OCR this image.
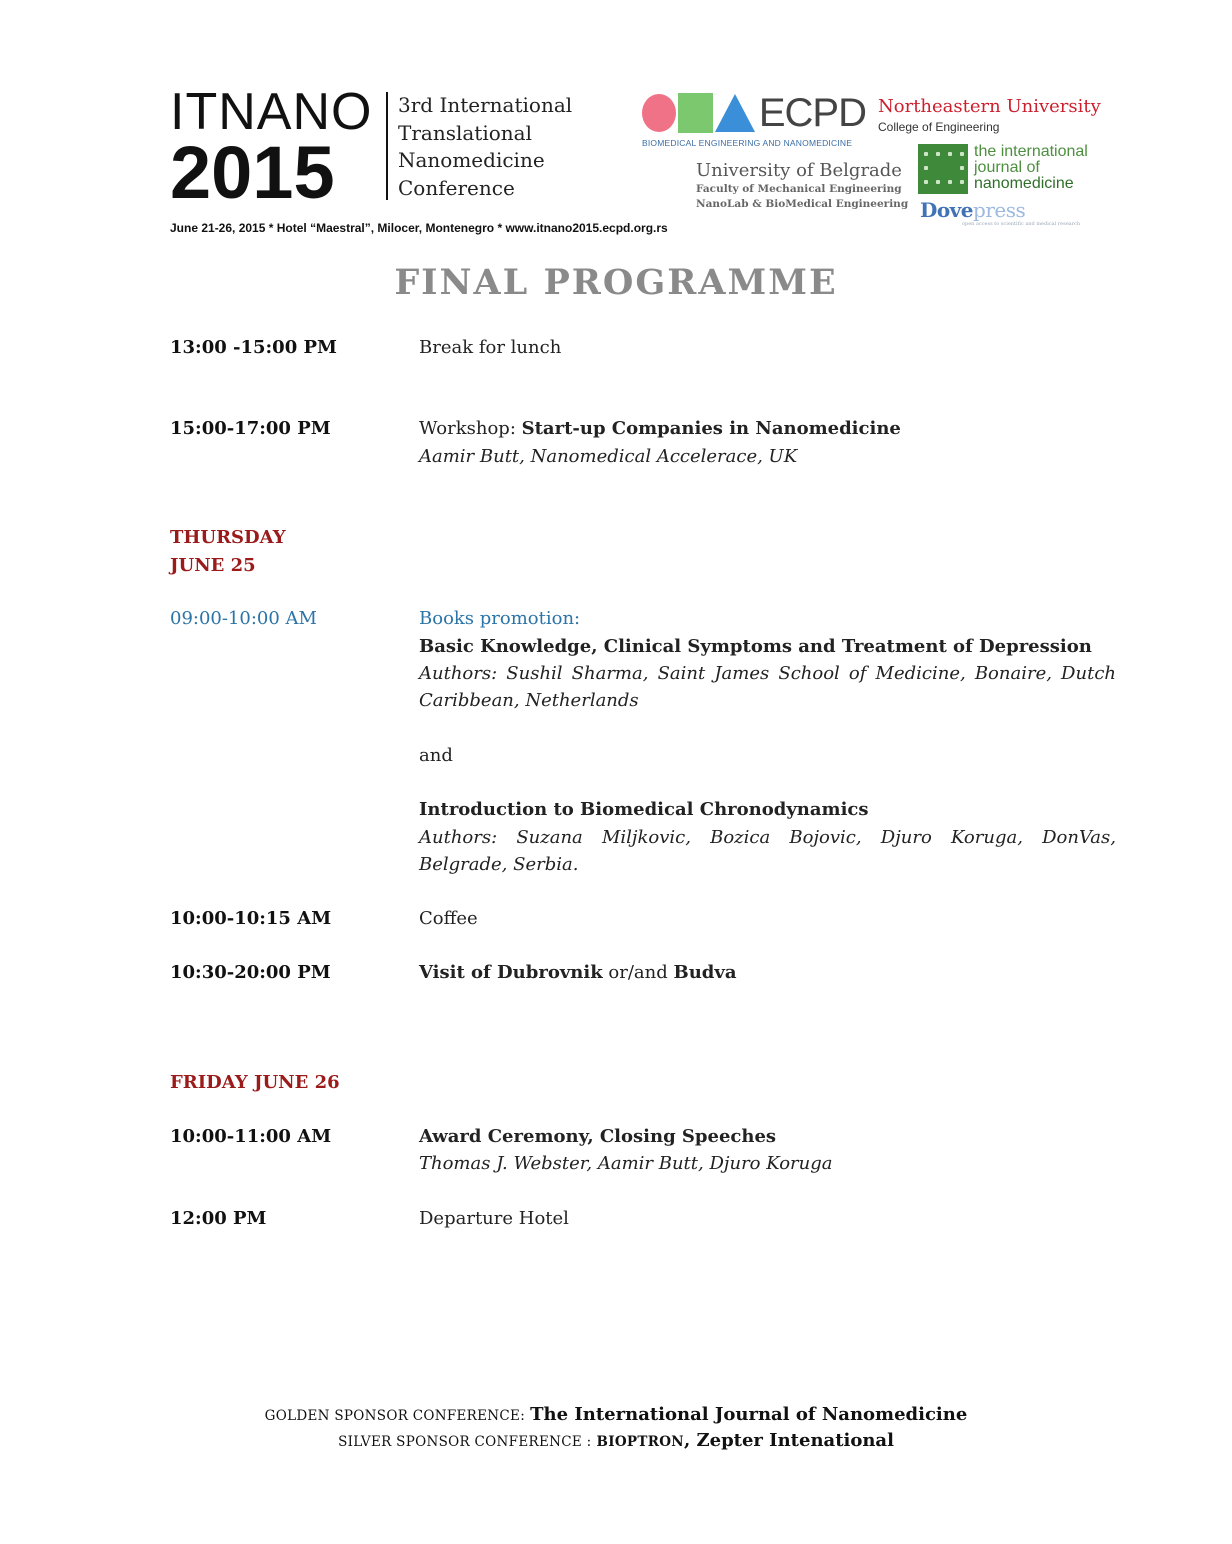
ITNANO
2015
3rd International
Translational
Nanomedicine
Conference
June 21-26, 2015 * Hotel “Maestral”, Milocer, Montenegro * www.itnano2015.ecpd.org.rs
ECPD
BIOMEDICAL ENGINEERING AND NANOMEDICINE
Northeastern University
College of Engineering
University of Belgrade
Faculty of Mechanical Engineering
NanoLab & BioMedical Engineering
the international
journal of
nanomedicine
Dovepress
open access to scientific and medical research
FINAL PROGRAMME
13:00 -15:00 PM	Break for lunch
15:00-17:00 PM	Workshop: Start-up Companies in Nanomedicine
Aamir Butt, Nanomedical Accelerace, UK
THURSDAY
JUNE 25
09:00-10:00 AM	Books promotion:
Basic Knowledge, Clinical Symptoms and Treatment of Depression
Authors: Sushil Sharma, Saint James School of Medicine, Bonaire, Dutch
Caribbean, Netherlands
and
Introduction to Biomedical Chronodynamics
Authors: Suzana Miljkovic, Bozica Bojovic, Djuro Koruga, DonVas,
Belgrade, Serbia.
10:00-10:15 AM	Coffee
10:30-20:00 PM	Visit of Dubrovnik or/and Budva
FRIDAY JUNE 26
10:00-11:00 AM	Award Ceremony, Closing Speeches
Thomas J. Webster, Aamir Butt, Djuro Koruga
12:00 PM	Departure Hotel
GOLDEN SPONSOR CONFERENCE: The International Journal of Nanomedicine
SILVER SPONSOR CONFERENCE : BIOPTRON, Zepter Intenational
